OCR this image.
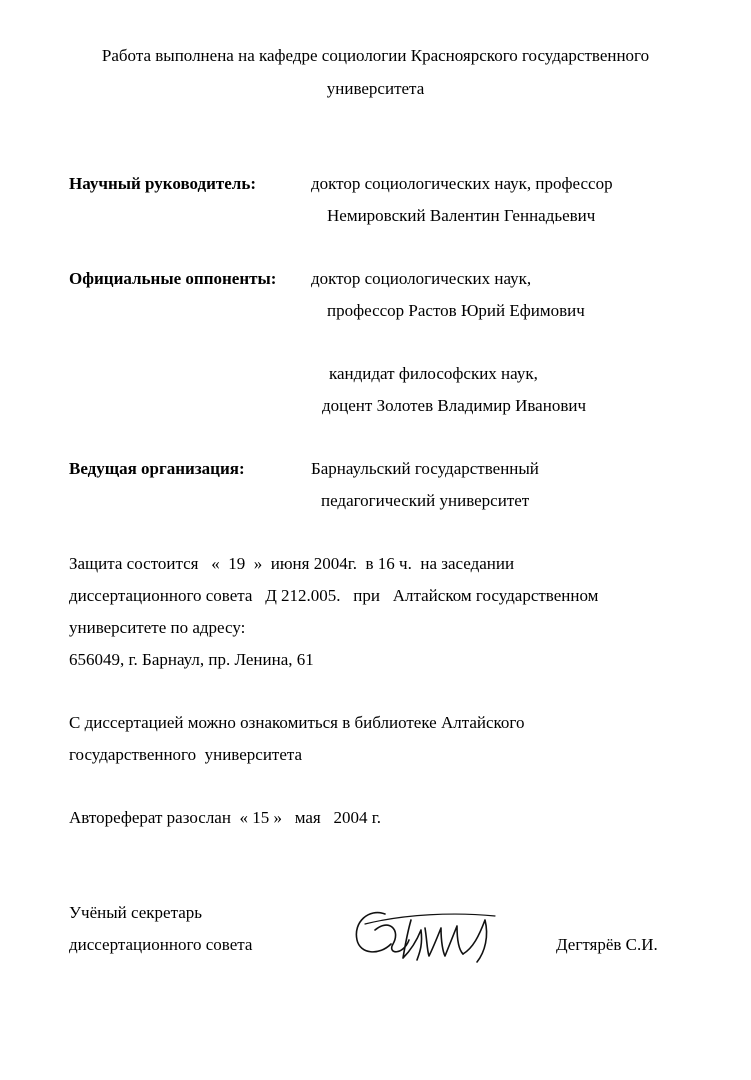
Работа выполнена на кафедре социологии Красноярского государственного
университета
Научный руководитель:	доктор социологических наук, профессор
Немировский Валентин Геннадьевич
Официальные оппоненты: доктор социологических наук,
профессор Растов Юрий Ефимович
кандидат философских наук,
доцент Золотев Владимир Иванович
Ведущая организация:	Барнаульский государственный
педагогический университет
Защита состоится   «  19  »  июня 2004г.  в 16 ч.  на заседании
диссертационного совета   Д 212.005.   при   Алтайском государственном
университете по адресу:
656049, г. Барнаул, пр. Ленина, 61
С диссертацией можно ознакомиться в библиотеке Алтайского
государственного  университета
Автореферат разослан  « 15 »   мая   2004 г.
Учёный секретарь
диссертационного совета	Дегтярёв С.И.
